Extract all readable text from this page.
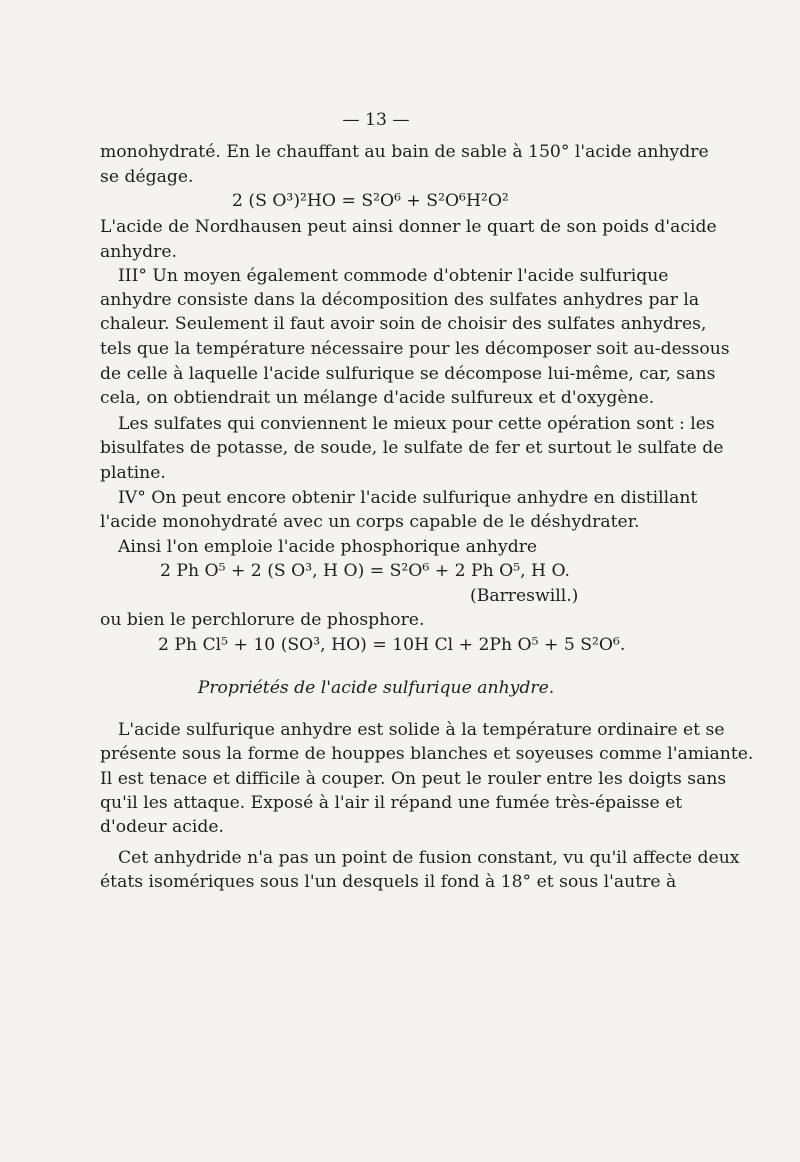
— 13 —
monohydraté. En le chauffant au bain de sable à 150° l'acide anhydre
se dégage.
2 (S O³)²HO = S²O⁶ + S²O⁶H²O²
L'acide de Nordhausen peut ainsi donner le quart de son poids d'acide
anhydre.
III° Un moyen également commode d'obtenir l'acide sulfurique
anhydre consiste dans la décomposition des sulfates anhydres par la
chaleur. Seulement il faut avoir soin de choisir des sulfates anhydres,
tels que la température nécessaire pour les décomposer soit au-dessous
de celle à laquelle l'acide sulfurique se décompose lui-même, car, sans
cela, on obtiendrait un mélange d'acide sulfureux et d'oxygène.
Les sulfates qui conviennent le mieux pour cette opération sont : les
bisulfates de potasse, de soude, le sulfate de fer et surtout le sulfate de
platine.
IV° On peut encore obtenir l'acide sulfurique anhydre en distillant
l'acide monohydraté avec un corps capable de le déshydrater.
Ainsi l'on emploie l'acide phosphorique anhydre
2 Ph O⁵ + 2 (S O³, H O) = S²O⁶ + 2 Ph O⁵, H O.
(Barreswill.)
ou bien le perchlorure de phosphore.
2 Ph Cl⁵ + 10 (SO³, HO) = 10H Cl + 2Ph O⁵ + 5 S²O⁶.
Propriétés de l'acide sulfurique anhydre.
L'acide sulfurique anhydre est solide à la température ordinaire et se
présente sous la forme de houppes blanches et soyeuses comme l'amiante.
Il est tenace et difficile à couper. On peut le rouler entre les doigts sans
qu'il les attaque. Exposé à l'air il répand une fumée très-épaisse et
d'odeur acide.
Cet anhydride n'a pas un point de fusion constant, vu qu'il affecte deux
états isomériques sous l'un desquels il fond à 18° et sous l'autre à
